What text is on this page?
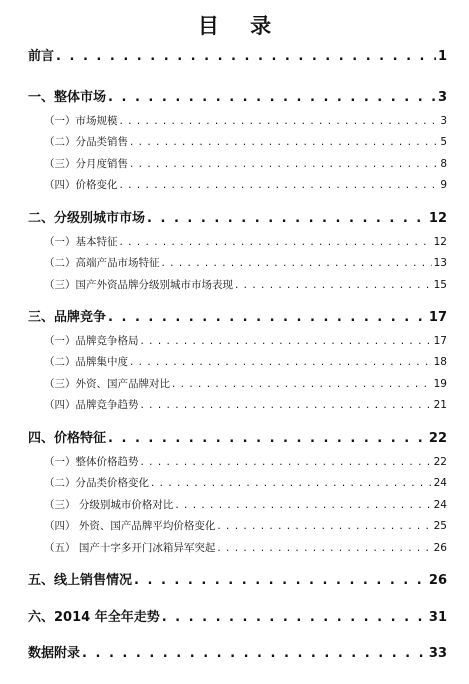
目 录
前言 . . .	1
一、整体市场 . . .	3
（一）市场规模 . . .	3
（二）分品类销售 . . .	5
（三）分月度销售 . . .	8
（四）价格变化 . . .	9
二、分级别城市市场 . . .	12
（一）基本特征 . . .	12
（二）高端产品市场特征 . . .	13
（三）国产外资品牌分级别城市市场表现 . . .	15
三、品牌竞争 . . .	17
（一）品牌竞争格局 . . .	17
（二）品牌集中度 . . .	18
（三）外资、国产品牌对比 . . .	19
（四）品牌竞争趋势 . . .	21
四、价格特征 . . .	22
（一）整体价格趋势 . . .	22
（二）分品类价格变化 . . .	24
（三） 分级别城市价格对比 . . .	24
（四） 外资、国产品牌平均价格变化 . . .	25
（五） 国产十字多开门冰箱异军突起 . . .	26
五、线上销售情况 . . .	26
六、2014 年全年走势 . . .	31
数据附录 . . .	33
